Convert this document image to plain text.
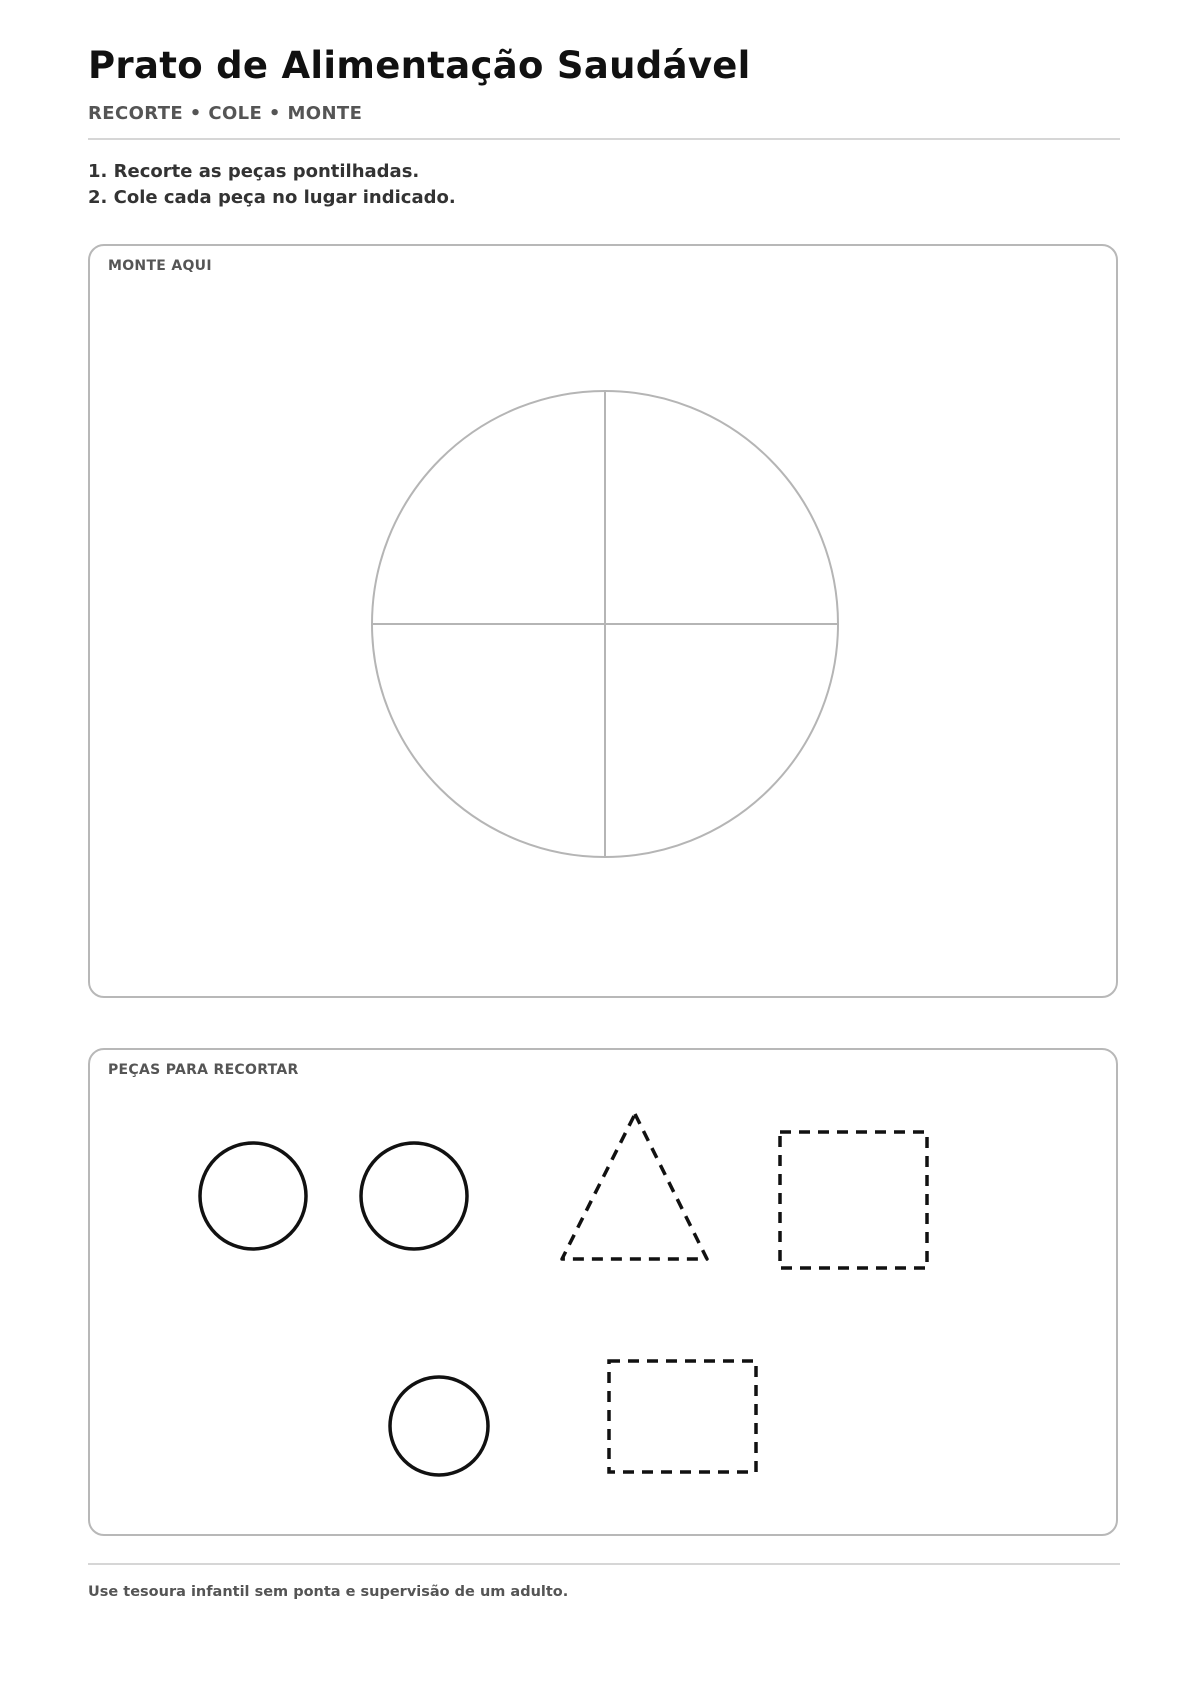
Prato de Alimentação Saudável
RECORTE • COLE • MONTE
1. Recorte as peças pontilhadas.
2. Cole cada peça no lugar indicado.
MONTE AQUI
PEÇAS PARA RECORTAR
Use tesoura infantil sem ponta e supervisão de um adulto.
